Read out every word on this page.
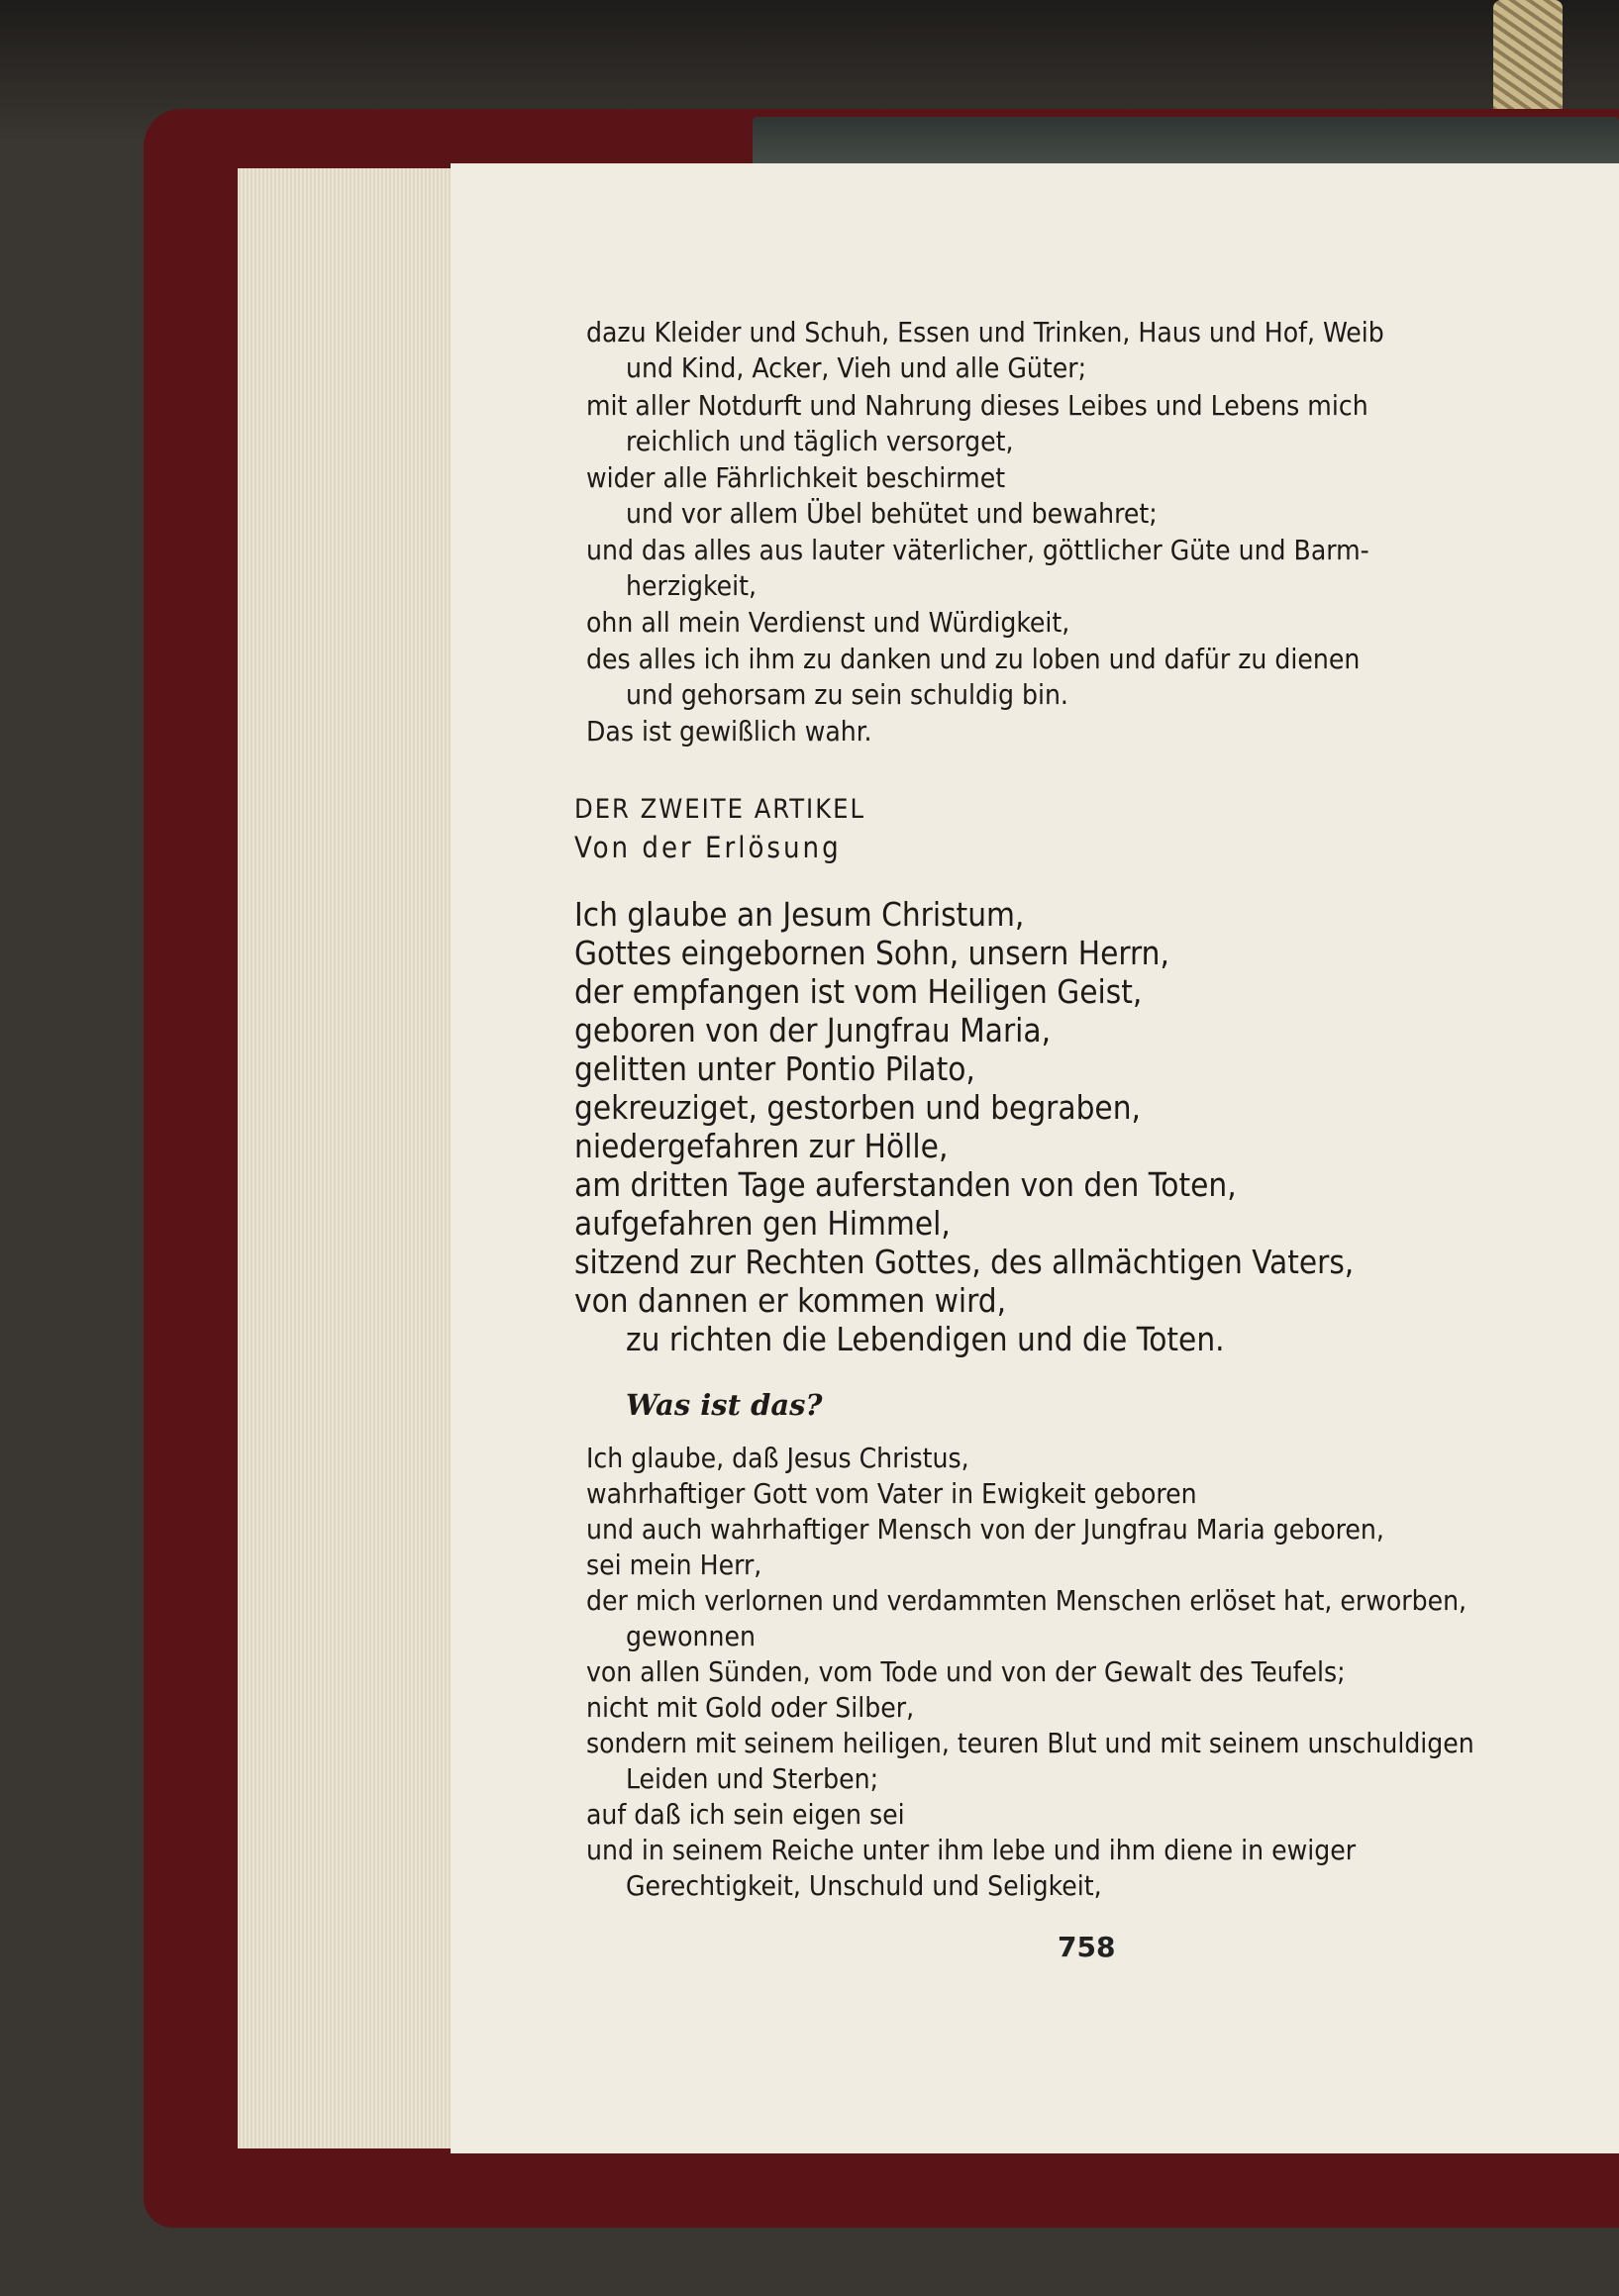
dazu Kleider und Schuh, Essen und Trinken, Haus und Hof, Weib
und Kind, Acker, Vieh und alle Güter;
mit aller Notdurft und Nahrung dieses Leibes und Lebens mich
reichlich und täglich versorget,
wider alle Fährlichkeit beschirmet
und vor allem Übel behütet und bewahret;
und das alles aus lauter väterlicher, göttlicher Güte und Barm-
herzigkeit,
ohn all mein Verdienst und Würdigkeit,
des alles ich ihm zu danken und zu loben und dafür zu dienen
und gehorsam zu sein schuldig bin.
Das ist gewißlich wahr.
DER ZWEITE ARTIKEL
Von der Erlösung
Ich glaube an Jesum Christum,
Gottes eingebornen Sohn, unsern Herrn,
der empfangen ist vom Heiligen Geist,
geboren von der Jungfrau Maria,
gelitten unter Pontio Pilato,
gekreuziget, gestorben und begraben,
niedergefahren zur Hölle,
am dritten Tage auferstanden von den Toten,
aufgefahren gen Himmel,
sitzend zur Rechten Gottes, des allmächtigen Vaters,
von dannen er kommen wird,
zu richten die Lebendigen und die Toten.
Was ist das?
Ich glaube, daß Jesus Christus,
wahrhaftiger Gott vom Vater in Ewigkeit geboren
und auch wahrhaftiger Mensch von der Jungfrau Maria geboren,
sei mein Herr,
der mich verlornen und verdammten Menschen erlöset hat, erworben,
gewonnen
von allen Sünden, vom Tode und von der Gewalt des Teufels;
nicht mit Gold oder Silber,
sondern mit seinem heiligen, teuren Blut und mit seinem unschuldigen
Leiden und Sterben;
auf daß ich sein eigen sei
und in seinem Reiche unter ihm lebe und ihm diene in ewiger
Gerechtigkeit, Unschuld und Seligkeit,
758
